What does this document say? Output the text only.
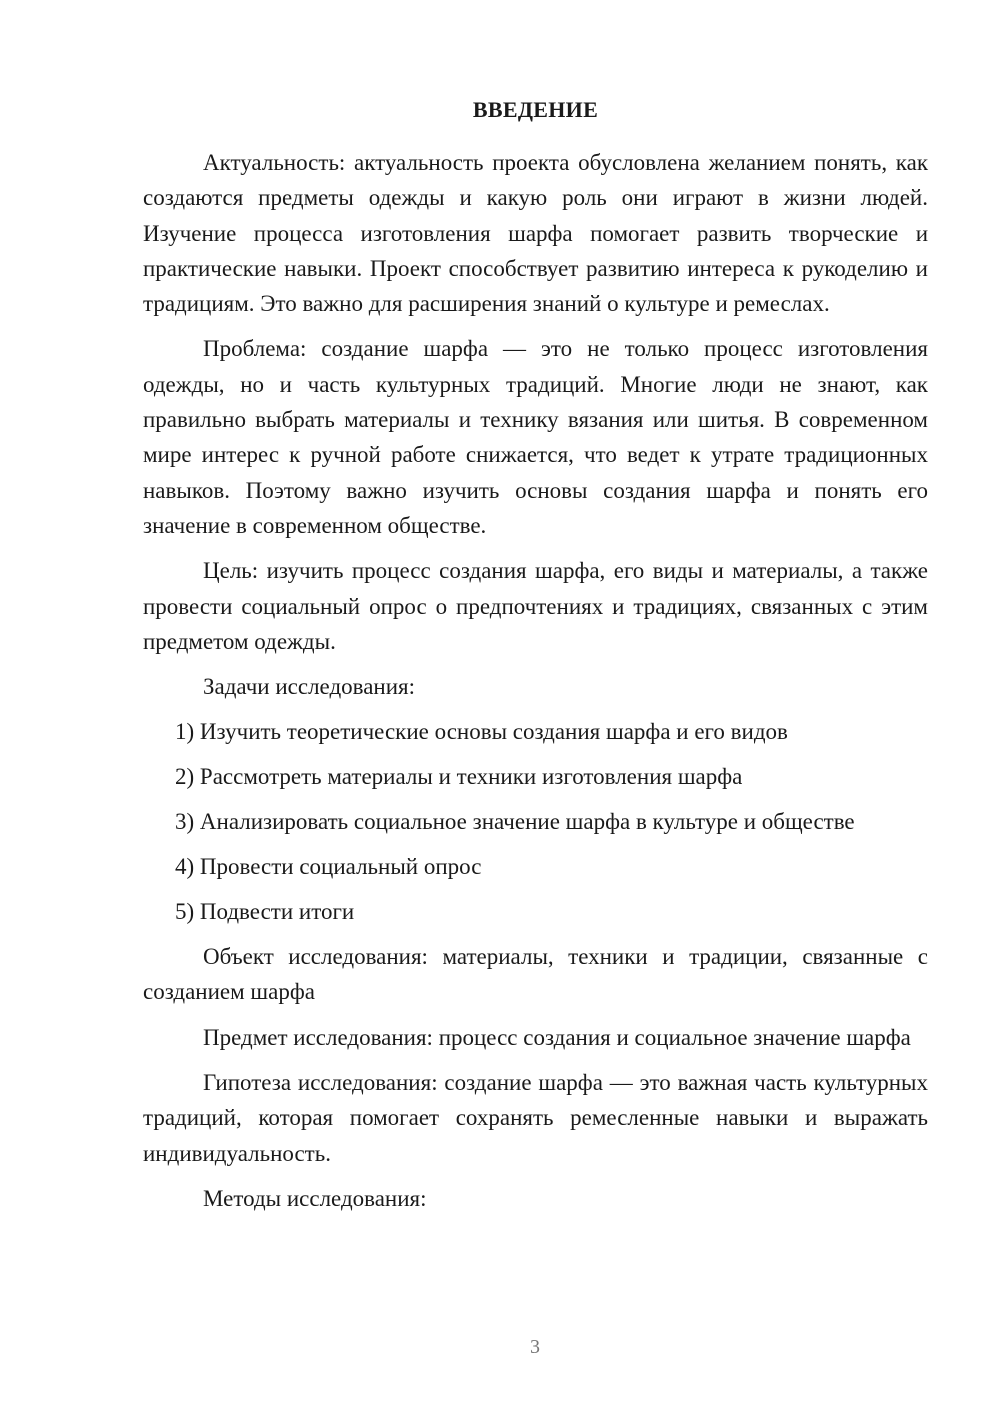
ВВЕДЕНИЕ

Актуальность: актуальность проекта обусловлена желанием понять, как создаются предметы одежды и какую роль они играют в жизни людей. Изучение процесса изготовления шарфа помогает развить творческие и практические навыки. Проект способствует развитию интереса к рукоделию и традициям. Это важно для расширения знаний о культуре и ремеслах.

Проблема: создание шарфа — это не только процесс изготовления одежды, но и часть культурных традиций. Многие люди не знают, как правильно выбрать материалы и технику вязания или шитья. В современном мире интерес к ручной работе снижается, что ведет к утрате традиционных навыков. Поэтому важно изучить основы создания шарфа и понять его значение в современном обществе.

Цель: изучить процесс создания шарфа, его виды и материалы, а также провести социальный опрос о предпочтениях и традициях, связанных с этим предметом одежды.

Задачи исследования:
1) Изучить теоретические основы создания шарфа и его видов
2) Рассмотреть материалы и техники изготовления шарфа
3) Анализировать социальное значение шарфа в культуре и обществе
4) Провести социальный опрос
5) Подвести итоги

Объект исследования: материалы, техники и традиции, связанные с созданием шарфа

Предмет исследования: процесс создания и социальное значение шарфа

Гипотеза исследования: создание шарфа — это важная часть культурных традиций, которая помогает сохранять ремесленные навыки и выражать индивидуальность.

Методы исследования:
3
